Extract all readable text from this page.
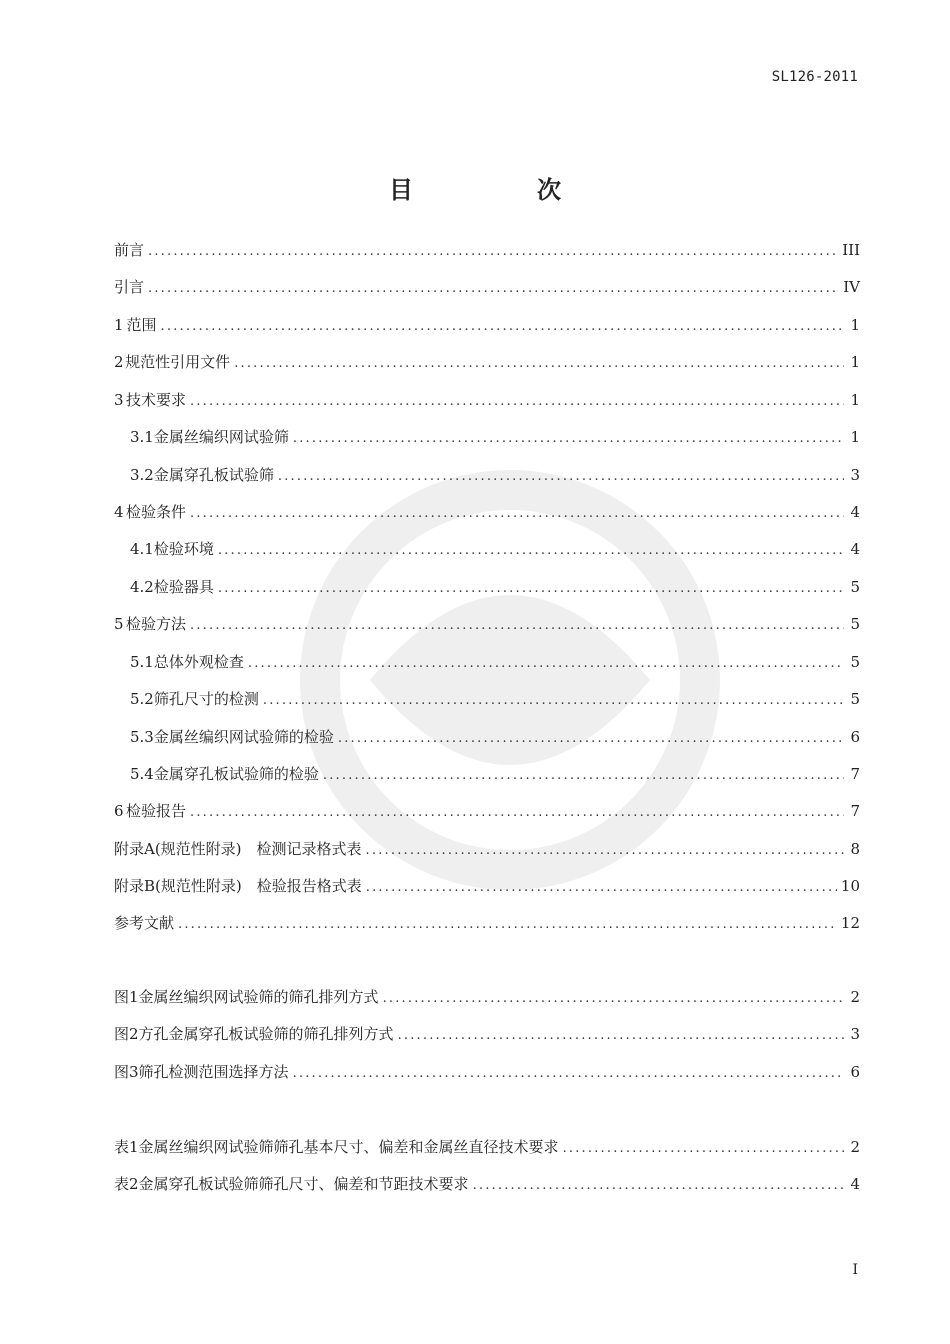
SL126-2011
目　次
前言 .....	III
引言 .....	IV
1 范围 .....	1
2 规范性引用文件 .....	1
3 技术要求 .....	1
3.1 金属丝编织网试验筛 .....	1
3.2 金属穿孔板试验筛 .....	3
4 检验条件 .....	4
4.1 检验环境 .....	4
4.2 检验器具 .....	5
5 检验方法 .....	5
5.1 总体外观检查 .....	5
5.2 筛孔尺寸的检测 .....	5
5.3 金属丝编织网试验筛的检验 .....	6
5.4 金属穿孔板试验筛的检验 .....	7
6 检验报告 .....	7
附录A(规范性附录)　检测记录格式表 .....	8
附录B(规范性附录)　检验报告格式表 .....	10
参考文献 .....	12
图1 金属丝编织网试验筛的筛孔排列方式 .....	2
图2 方孔金属穿孔板试验筛的筛孔排列方式 .....	3
图3 筛孔检测范围选择方法 .....	6
表1 金属丝编织网试验筛筛孔基本尺寸、偏差和金属丝直径技术要求 .....	2
表2 金属穿孔板试验筛筛孔尺寸、偏差和节距技术要求 .....	4
I
